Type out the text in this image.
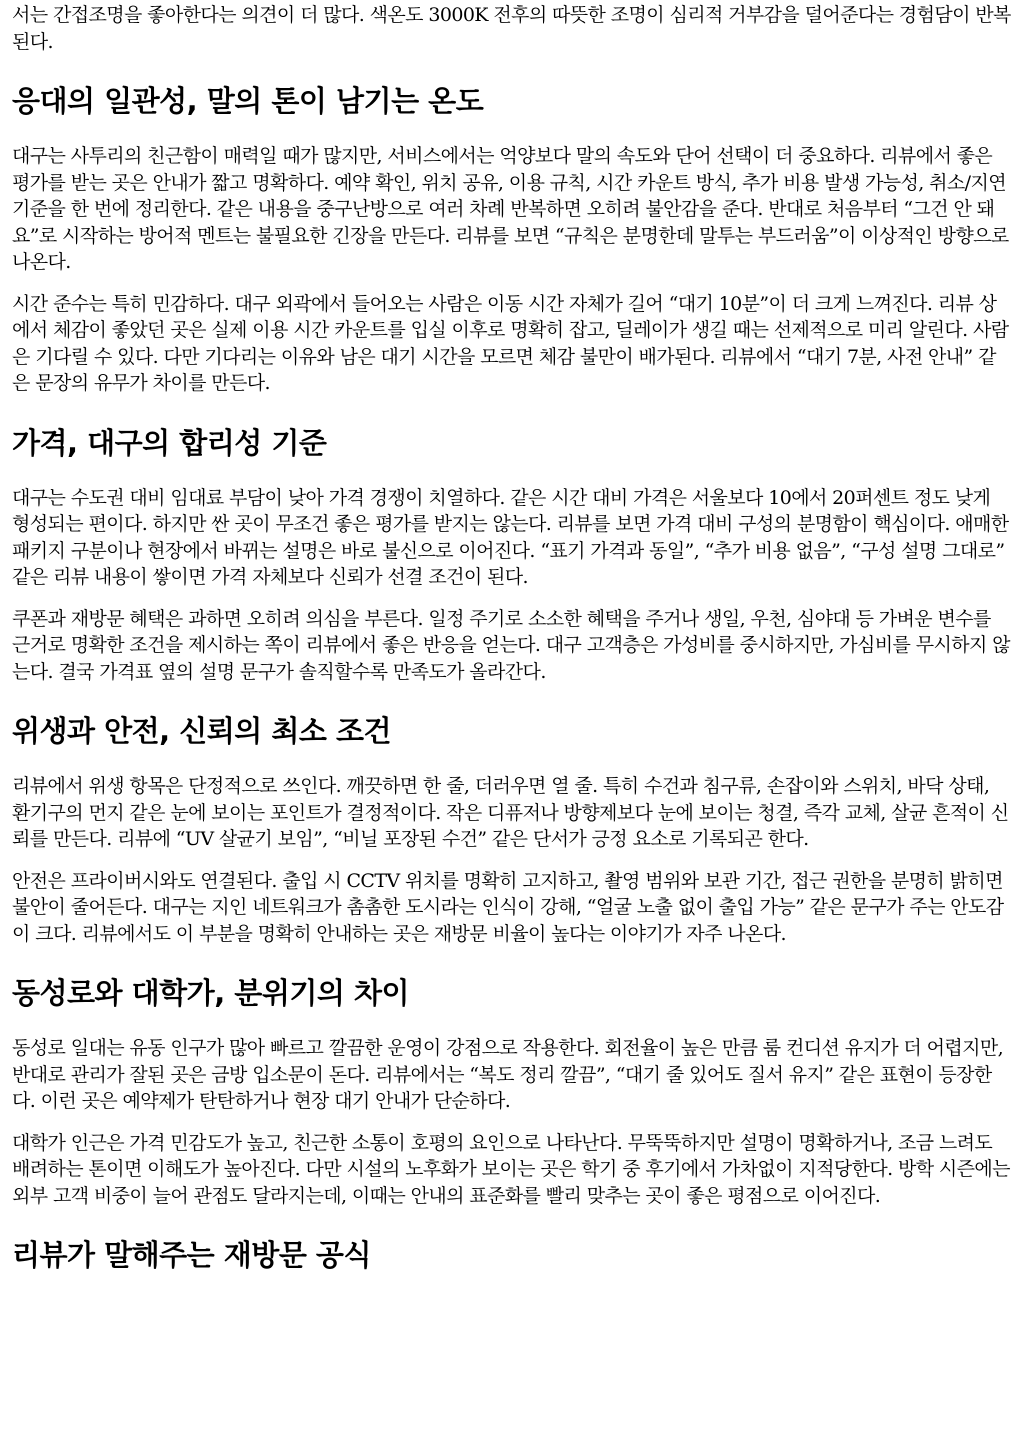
서는 간접조명을 좋아한다는 의견이 더 많다. 색온도 3000K 전후의 따뜻한 조명이 심리적 거부감을 덜어준다는 경험담이 반복된다.

응대의 일관성, 말의 톤이 남기는 온도

대구는 사투리의 친근함이 매력일 때가 많지만, 서비스에서는 억양보다 말의 속도와 단어 선택이 더 중요하다. 리뷰에서 좋은 평가를 받는 곳은 안내가 짧고 명확하다. 예약 확인, 위치 공유, 이용 규칙, 시간 카운트 방식, 추가 비용 발생 가능성, 취소/지연 기준을 한 번에 정리한다. 같은 내용을 중구난방으로 여러 차례 반복하면 오히려 불안감을 준다. 반대로 처음부터 “그건 안 돼요”로 시작하는 방어적 멘트는 불필요한 긴장을 만든다. 리뷰를 보면 “규칙은 분명한데 말투는 부드러움”이 이상적인 방향으로 나온다.

시간 준수는 특히 민감하다. 대구 외곽에서 들어오는 사람은 이동 시간 자체가 길어 “대기 10분”이 더 크게 느껴진다. 리뷰 상에서 체감이 좋았던 곳은 실제 이용 시간 카운트를 입실 이후로 명확히 잡고, 딜레이가 생길 때는 선제적으로 미리 알린다. 사람은 기다릴 수 있다. 다만 기다리는 이유와 남은 대기 시간을 모르면 체감 불만이 배가된다. 리뷰에서 “대기 7분, 사전 안내” 같은 문장의 유무가 차이를 만든다.

가격, 대구의 합리성 기준

대구는 수도권 대비 임대료 부담이 낮아 가격 경쟁이 치열하다. 같은 시간 대비 가격은 서울보다 10에서 20퍼센트 정도 낮게 형성되는 편이다. 하지만 싼 곳이 무조건 좋은 평가를 받지는 않는다. 리뷰를 보면 가격 대비 구성의 분명함이 핵심이다. 애매한 패키지 구분이나 현장에서 바뀌는 설명은 바로 불신으로 이어진다. “표기 가격과 동일”, “추가 비용 없음”, “구성 설명 그대로” 같은 리뷰 내용이 쌓이면 가격 자체보다 신뢰가 선결 조건이 된다.

쿠폰과 재방문 혜택은 과하면 오히려 의심을 부른다. 일정 주기로 소소한 혜택을 주거나 생일, 우천, 심야대 등 가벼운 변수를 근거로 명확한 조건을 제시하는 쪽이 리뷰에서 좋은 반응을 얻는다. 대구 고객층은 가성비를 중시하지만, 가심비를 무시하지 않는다. 결국 가격표 옆의 설명 문구가 솔직할수록 만족도가 올라간다.

위생과 안전, 신뢰의 최소 조건

리뷰에서 위생 항목은 단정적으로 쓰인다. 깨끗하면 한 줄, 더러우면 열 줄. 특히 수건과 침구류, 손잡이와 스위치, 바닥 상태, 환기구의 먼지 같은 눈에 보이는 포인트가 결정적이다. 작은 디퓨저나 방향제보다 눈에 보이는 청결, 즉각 교체, 살균 흔적이 신뢰를 만든다. 리뷰에 “UV 살균기 보임”, “비닐 포장된 수건” 같은 단서가 긍정 요소로 기록되곤 한다.

안전은 프라이버시와도 연결된다. 출입 시 CCTV 위치를 명확히 고지하고, 촬영 범위와 보관 기간, 접근 권한을 분명히 밝히면 불안이 줄어든다. 대구는 지인 네트워크가 촘촘한 도시라는 인식이 강해, “얼굴 노출 없이 출입 가능” 같은 문구가 주는 안도감이 크다. 리뷰에서도 이 부분을 명확히 안내하는 곳은 재방문 비율이 높다는 이야기가 자주 나온다.

동성로와 대학가, 분위기의 차이

동성로 일대는 유동 인구가 많아 빠르고 깔끔한 운영이 강점으로 작용한다. 회전율이 높은 만큼 룸 컨디션 유지가 더 어렵지만, 반대로 관리가 잘된 곳은 금방 입소문이 돈다. 리뷰에서는 “복도 정리 깔끔”, “대기 줄 있어도 질서 유지” 같은 표현이 등장한다. 이런 곳은 예약제가 탄탄하거나 현장 대기 안내가 단순하다.

대학가 인근은 가격 민감도가 높고, 친근한 소통이 호평의 요인으로 나타난다. 무뚝뚝하지만 설명이 명확하거나, 조금 느려도 배려하는 톤이면 이해도가 높아진다. 다만 시설의 노후화가 보이는 곳은 학기 중 후기에서 가차없이 지적당한다. 방학 시즌에는 외부 고객 비중이 늘어 관점도 달라지는데, 이때는 안내의 표준화를 빨리 맞추는 곳이 좋은 평점으로 이어진다.

리뷰가 말해주는 재방문 공식
